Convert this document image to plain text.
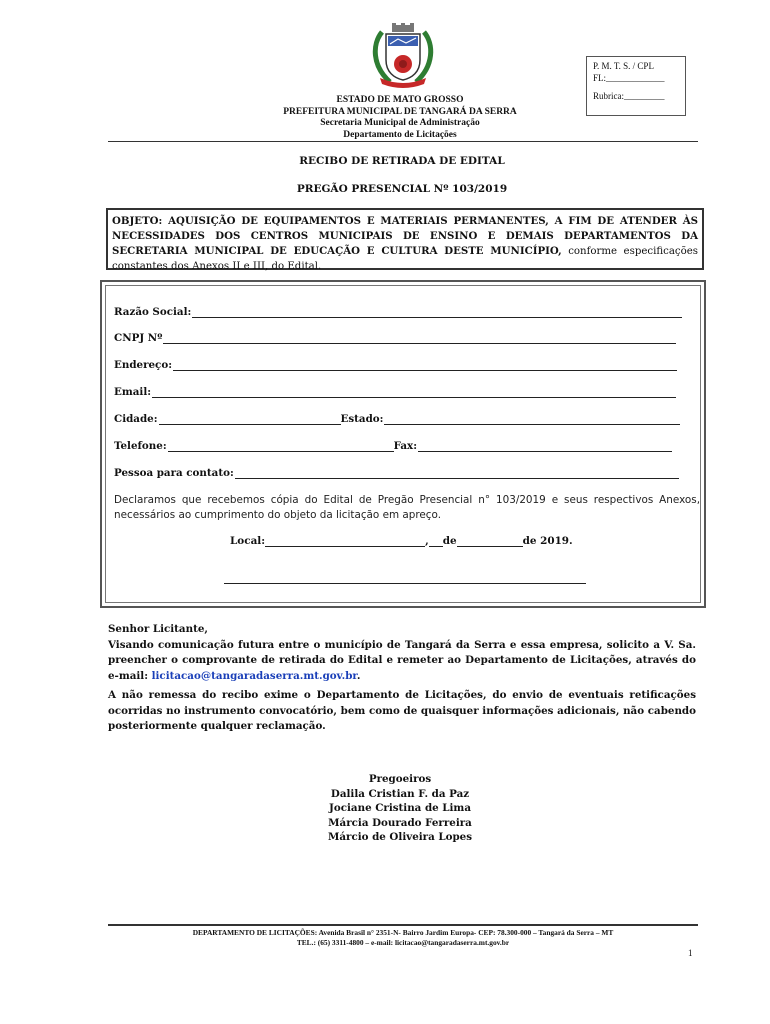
P. M. T. S. / CPL
FL:_____________
Rubrica:_________
ESTADO DE MATO GROSSO
PREFEITURA MUNICIPAL DE TANGARÁ DA SERRA
Secretaria Municipal de Administração
Departamento de Licitações
RECIBO DE RETIRADA DE EDITAL
PREGÃO PRESENCIAL Nº 103/2019
OBJETO: AQUISIÇÃO DE EQUIPAMENTOS E MATERIAIS PERMANENTES, A FIM DE ATENDER ÀS NECESSIDADES DOS CENTROS MUNICIPAIS DE ENSINO E DEMAIS DEPARTAMENTOS DA SECRETARIA MUNICIPAL DE EDUCAÇÃO E CULTURA DESTE MUNICÍPIO, conforme especificações constantes dos Anexos II e III, do Edital.
Razão Social:
CNPJ Nº
Endereço:
Email:
Cidade:	Estado:
Telefone:	Fax:
Pessoa para contato:
Declaramos que recebemos cópia do Edital de Pregão Presencial n° 103/2019 e seus respectivos Anexos, necessários ao cumprimento do objeto da licitação em apreço.
Local:	, de	de 2019.

Senhor Licitante,

Visando comunicação futura entre o município de Tangará da Serra e essa empresa, solicito a V. Sa. preencher o comprovante de retirada do Edital e remeter ao Departamento de Licitações, através do e-mail: licitacao@tangaradaserra.mt.gov.br.

A não remessa do recibo exime o Departamento de Licitações, do envio de eventuais retificações ocorridas no instrumento convocatório, bem como de quaisquer informações adicionais, não cabendo posteriormente qualquer reclamação.
Pregoeiros
Dalila Cristian F. da Paz
Jociane Cristina de Lima
Márcia Dourado Ferreira
Márcio de Oliveira Lopes
DEPARTAMENTO DE LICITAÇÕES: Avenida Brasil n° 2351-N- Bairro Jardim Europa- CEP: 78.300-000 – Tangará da Serra – MT
TEL.: (65) 3311-4800 – e-mail: licitacao@tangaradaserra.mt.gov.br
1
